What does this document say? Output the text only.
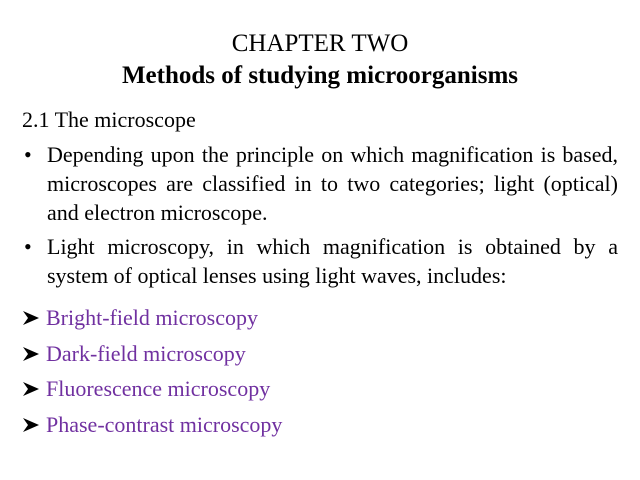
CHAPTER TWO
Methods of studying microorganisms
2.1 The microscope
• Depending upon the principle on which magnification is based, microscopes are classified in to two categories; light (optical) and electron microscope.
• Light microscopy, in which magnification is obtained by a system of optical lenses using light waves, includes:
Bright-field microscopy
Dark-field microscopy
Fluorescence microscopy
Phase-contrast microscopy
